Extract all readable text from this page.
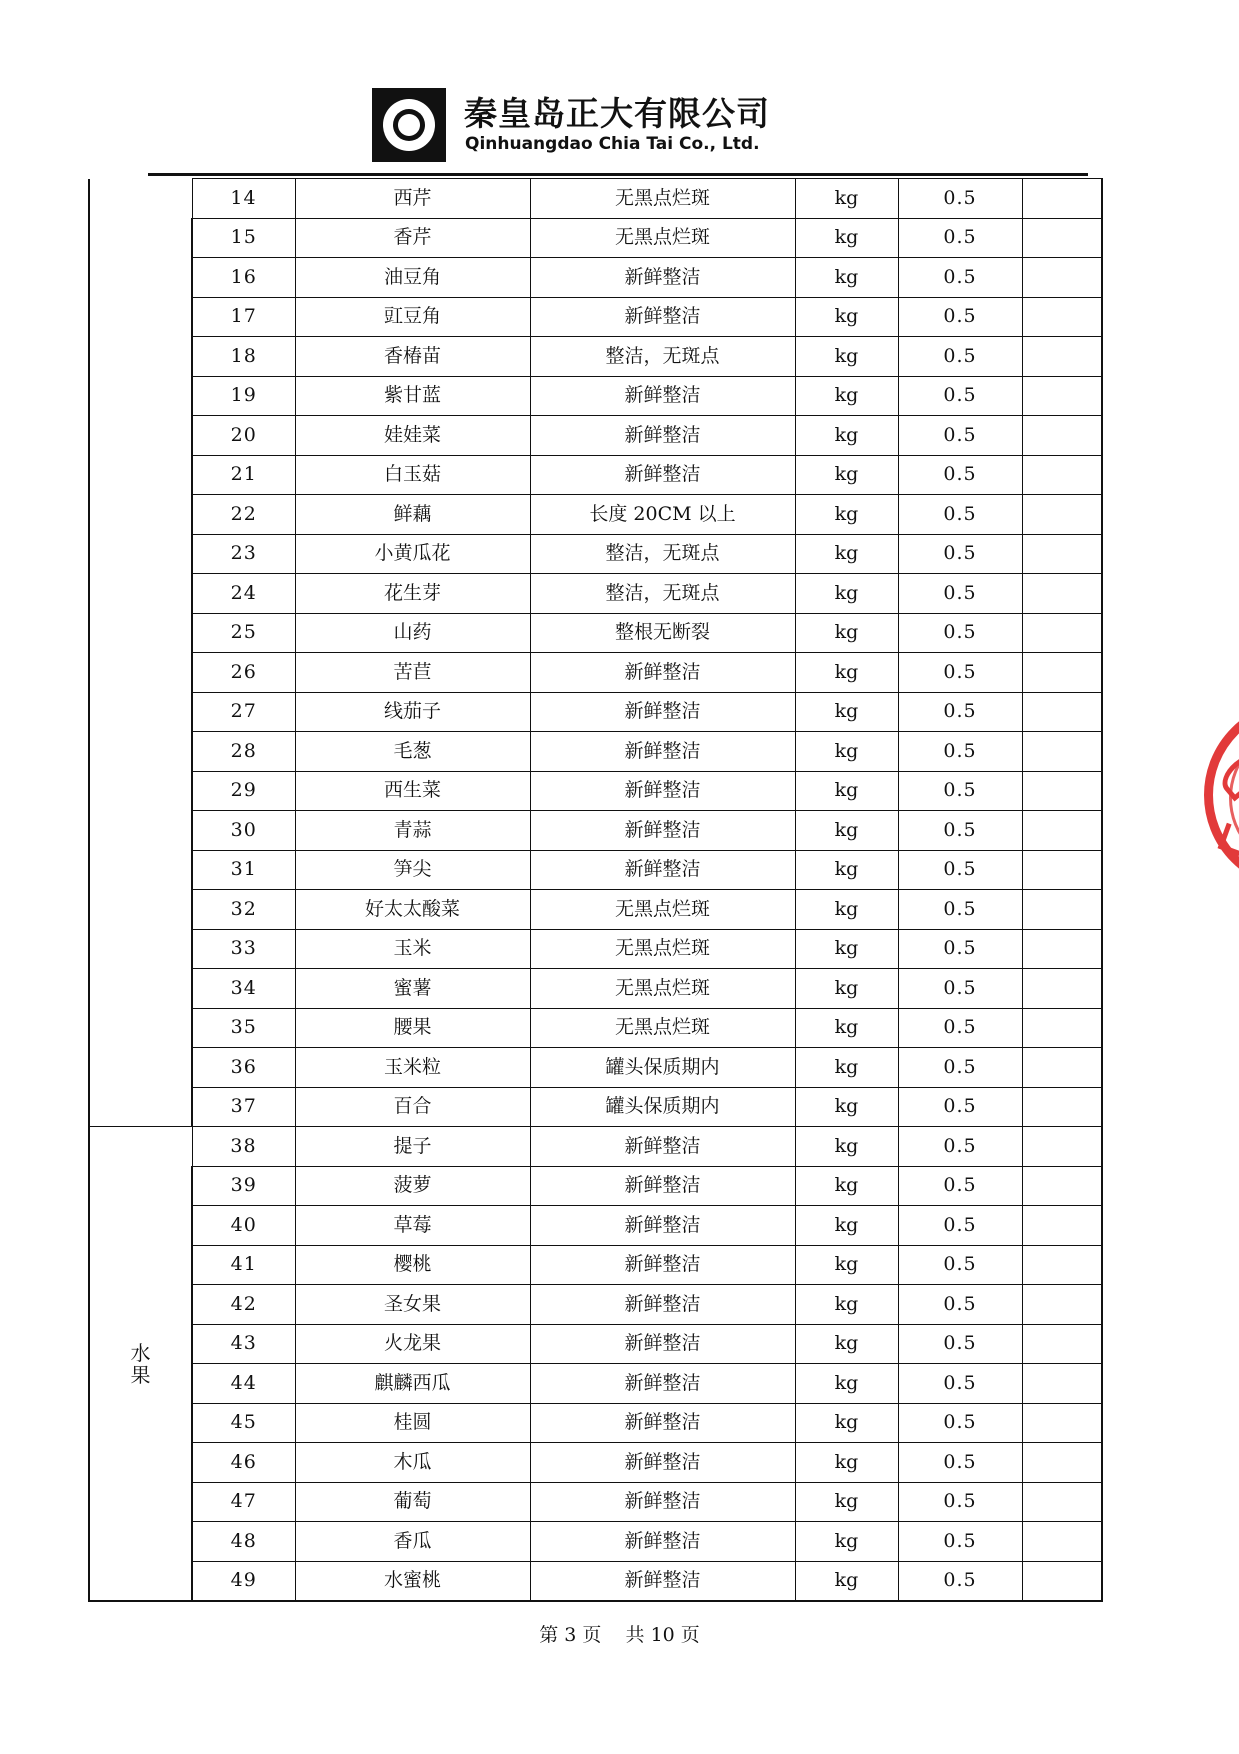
秦皇岛正大有限公司
Qinhuangdao Chia Tai Co., Ltd.
	14	西芹	无黑点烂斑	kg	0.5	
	15	香芹	无黑点烂斑	kg	0.5	
	16	油豆角	新鲜整洁	kg	0.5	
	17	豇豆角	新鲜整洁	kg	0.5	
	18	香椿苗	整洁，无斑点	kg	0.5	
	19	紫甘蓝	新鲜整洁	kg	0.5	
	20	娃娃菜	新鲜整洁	kg	0.5	
	21	白玉菇	新鲜整洁	kg	0.5	
	22	鲜藕	长度 20CM 以上	kg	0.5	
	23	小黄瓜花	整洁，无斑点	kg	0.5	
	24	花生芽	整洁，无斑点	kg	0.5	
	25	山药	整根无断裂	kg	0.5	
	26	苦苣	新鲜整洁	kg	0.5	
	27	线茄子	新鲜整洁	kg	0.5	
	28	毛葱	新鲜整洁	kg	0.5	
	29	西生菜	新鲜整洁	kg	0.5	
	30	青蒜	新鲜整洁	kg	0.5	
	31	笋尖	新鲜整洁	kg	0.5	
	32	好太太酸菜	无黑点烂斑	kg	0.5	
	33	玉米	无黑点烂斑	kg	0.5	
	34	蜜薯	无黑点烂斑	kg	0.5	
	35	腰果	无黑点烂斑	kg	0.5	
	36	玉米粒	罐头保质期内	kg	0.5	
	37	百合	罐头保质期内	kg	0.5	
水果	38	提子	新鲜整洁	kg	0.5	
	39	菠萝	新鲜整洁	kg	0.5	
	40	草莓	新鲜整洁	kg	0.5	
	41	樱桃	新鲜整洁	kg	0.5	
	42	圣女果	新鲜整洁	kg	0.5	
	43	火龙果	新鲜整洁	kg	0.5	
	44	麒麟西瓜	新鲜整洁	kg	0.5	
	45	桂圆	新鲜整洁	kg	0.5	
	46	木瓜	新鲜整洁	kg	0.5	
	47	葡萄	新鲜整洁	kg	0.5	
	48	香瓜	新鲜整洁	kg	0.5	
	49	水蜜桃	新鲜整洁	kg	0.5	
第 3 页    共 10 页
